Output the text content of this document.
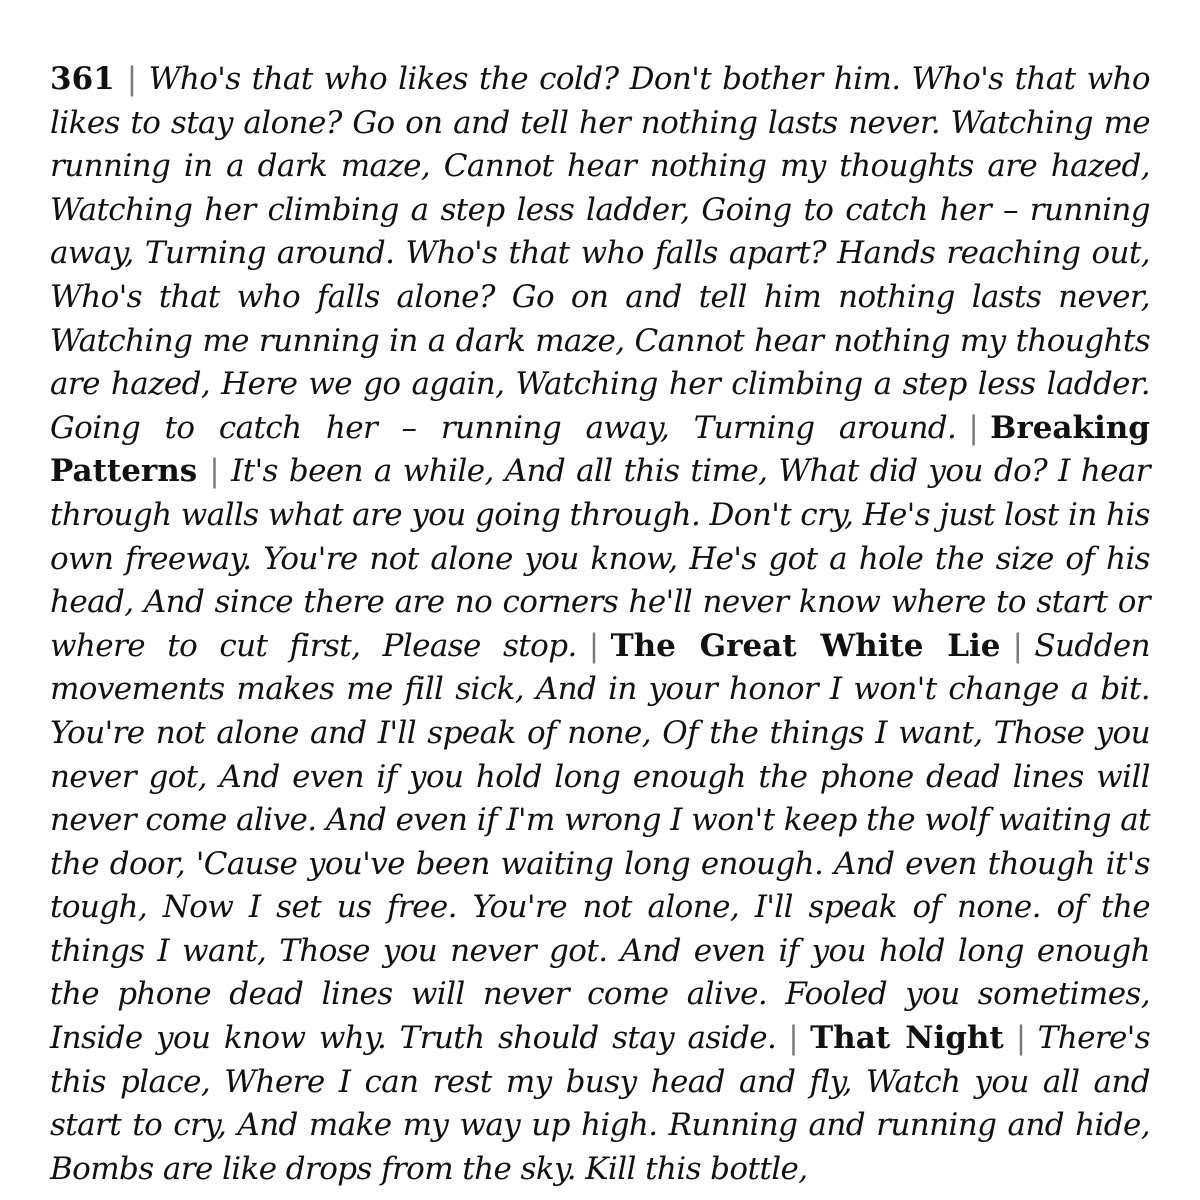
361 | Who's that who likes the cold? Don't bother him. Who's that who likes to stay alone? Go on and tell her nothing lasts never. Watching me running in a dark maze, Cannot hear nothing my thoughts are hazed, Watching her climbing a step less ladder, Going to catch her – running away, Turning around. Who's that who falls apart? Hands reaching out, Who's that who falls alone? Go on and tell him nothing lasts never, Watching me running in a dark maze, Cannot hear nothing my thoughts are hazed, Here we go again, Watching her climbing a step less ladder. Going to catch her – running away, Turning around. | Breaking Patterns | It's been a while, And all this time, What did you do? I hear through walls what are you going through. Don't cry, He's just lost in his own freeway. You're not alone you know, He's got a hole the size of his head, And since there are no corners he'll never know where to start or where to cut first, Please stop. | The Great White Lie | Sudden movements makes me fill sick, And in your honor I won't change a bit. You're not alone and I'll speak of none, Of the things I want, Those you never got, And even if you hold long enough the phone dead lines will never come alive. And even if I'm wrong I won't keep the wolf waiting at the door, 'Cause you've been waiting long enough. And even though it's tough, Now I set us free. You're not alone, I'll speak of none. of the things I want, Those you never got. And even if you hold long enough the phone dead lines will never come alive. Fooled you sometimes, Inside you know why. Truth should stay aside. | That Night | There's this place, Where I can rest my busy head and fly, Watch you all and start to cry, And make my way up high. Running and running and hide, Bombs are like drops from the sky. Kill this bottle,
